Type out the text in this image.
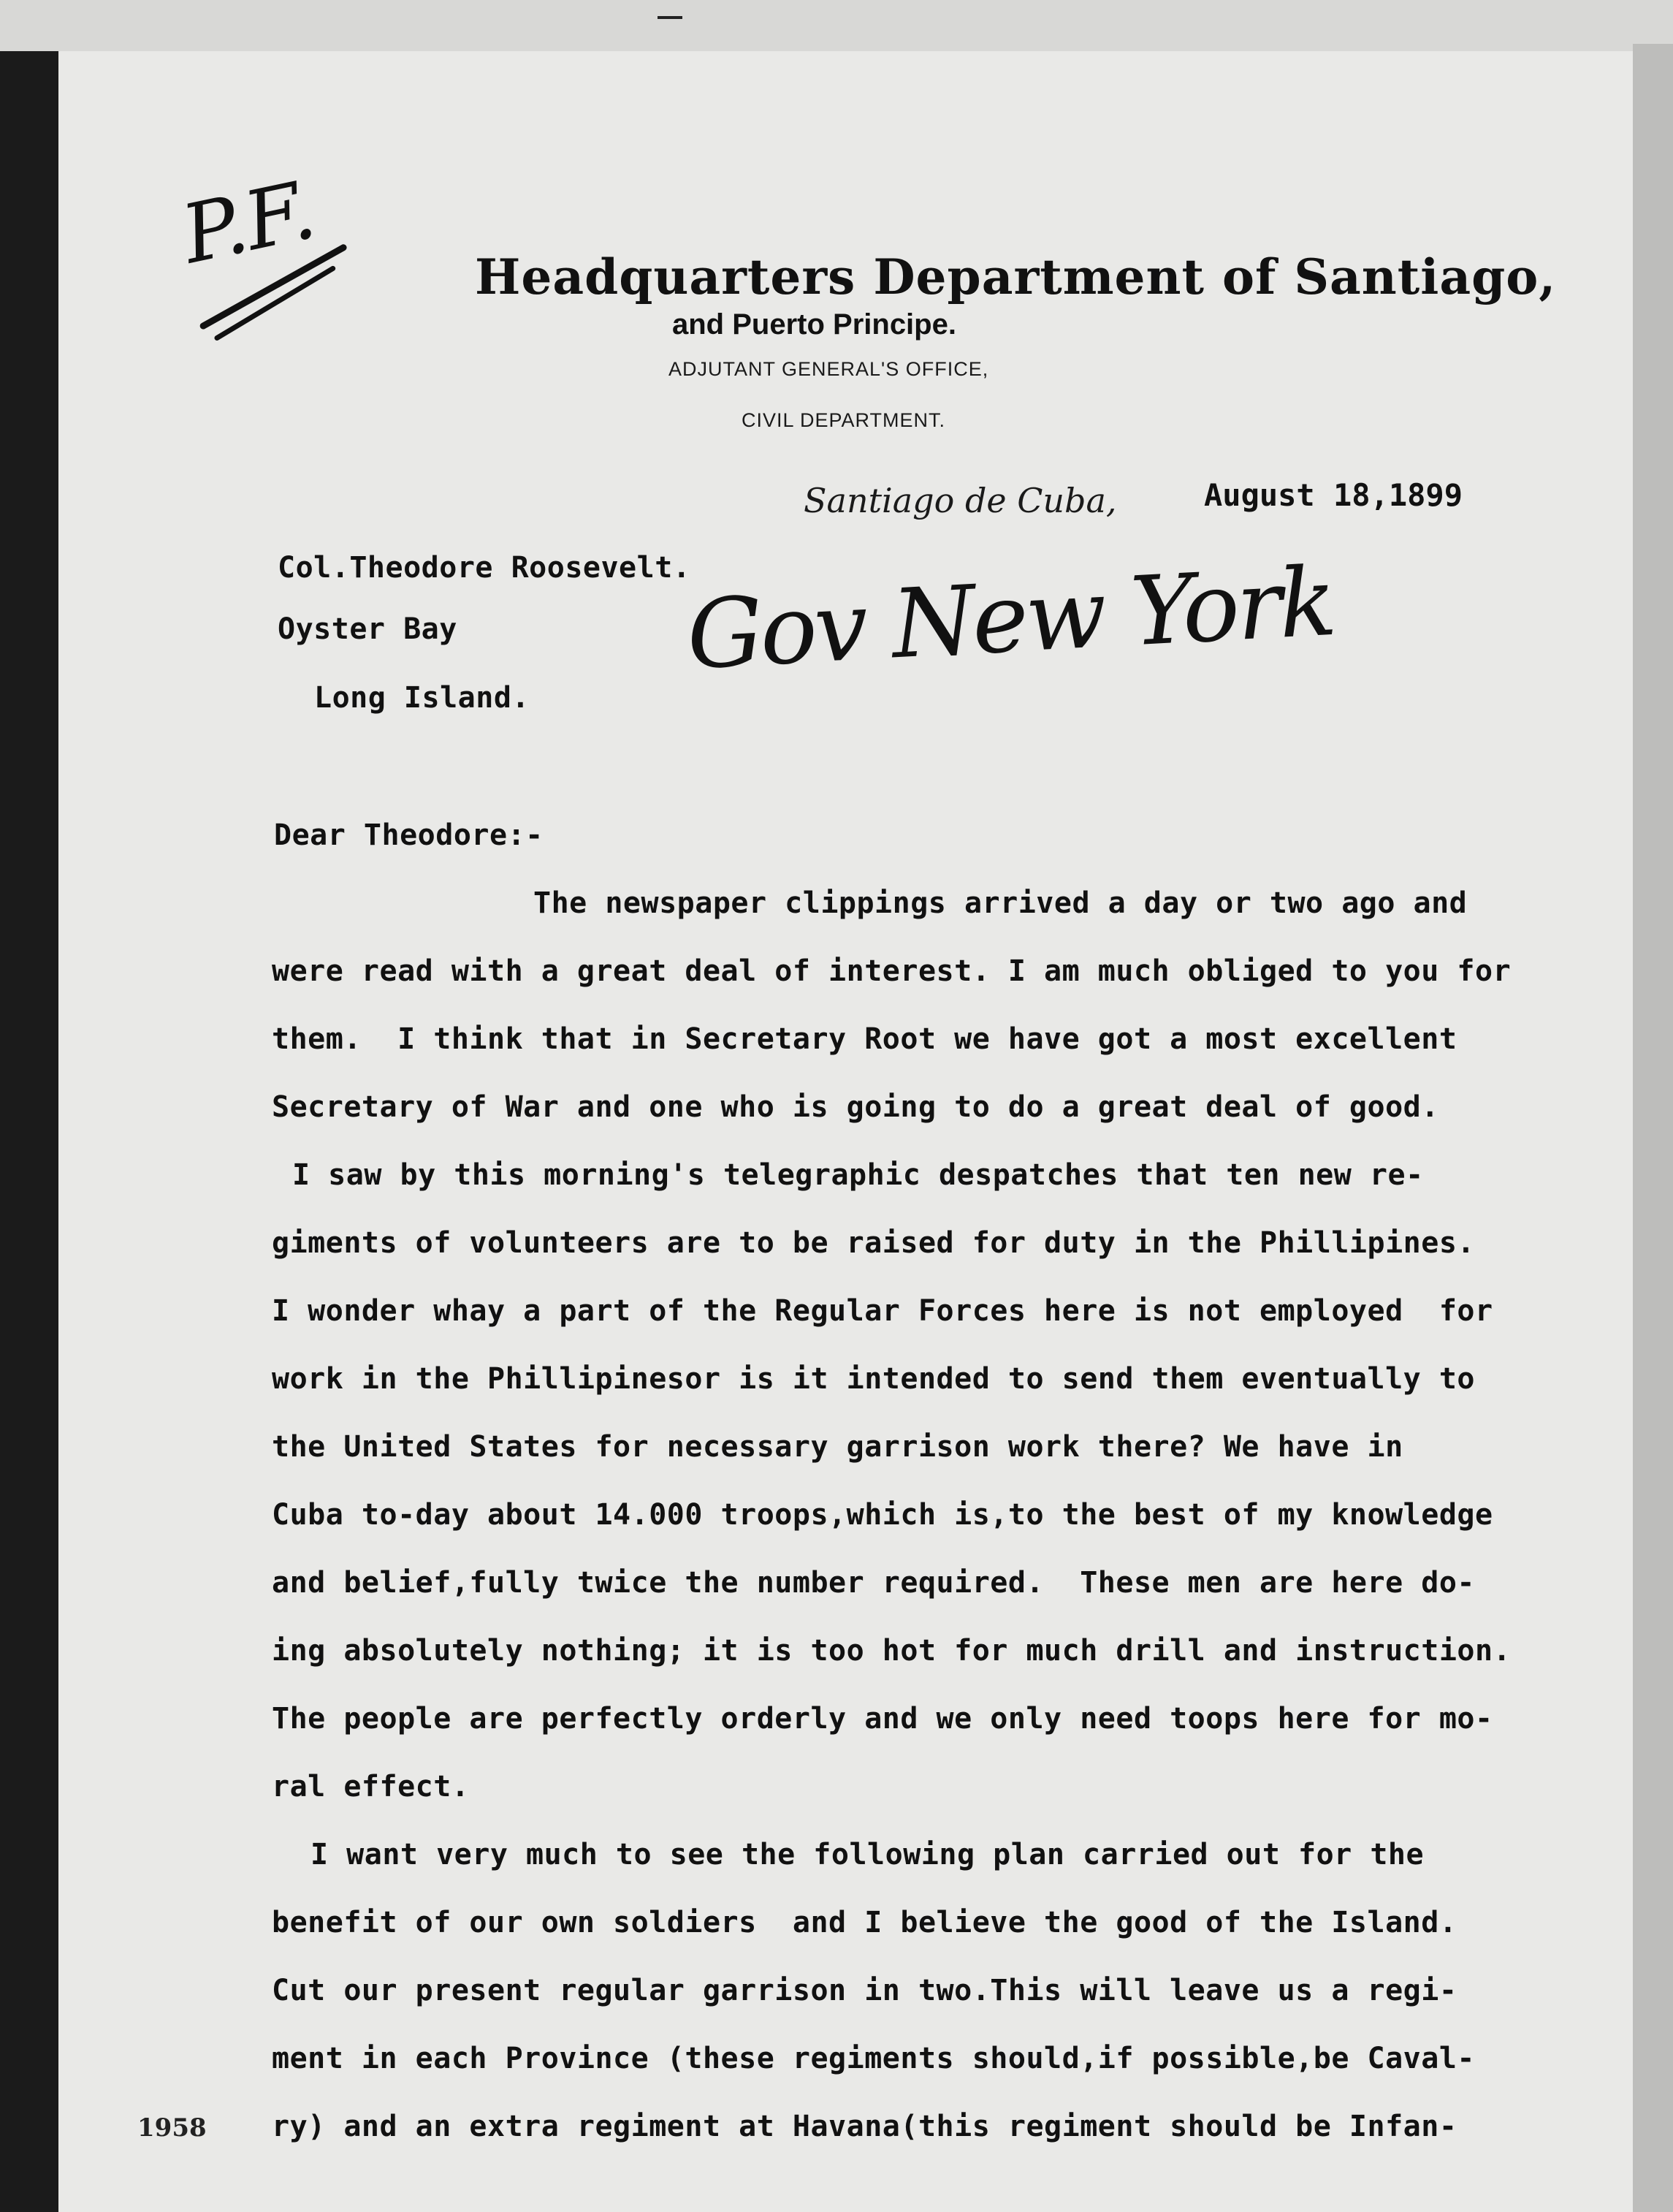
P.F.	Headquarters Department of Santiago,
and Puerto Principe.
ADJUTANT GENERAL'S OFFICE,
CIVIL DEPARTMENT.
Santiago de Cuba,	August 18,1899
Col.Theodore Roosevelt.
Oyster Bay
Long Island.
Gov New York
Dear Theodore:-
The newspaper clippings arrived a day or two ago and
were read with a great deal of interest. I am much obliged to you for
them.  I think that in Secretary Root we have got a most excellent
Secretary of War and one who is going to do a great deal of good.
I saw by this morning's telegraphic despatches that ten new re-
giments of volunteers are to be raised for duty in the Phillipines.
I wonder whay a part of the Regular Forces here is not employed  for
work in the Phillipinesor is it intended to send them eventually to
the United States for necessary garrison work there? We have in
Cuba to-day about 14.000 troops,which is,to the best of my knowledge
and belief,fully twice the number required.  These men are here do-
ing absolutely nothing; it is too hot for much drill and instruction.
The people are perfectly orderly and we only need toops here for mo-
ral effect.
I want very much to see the following plan carried out for the
benefit of our own soldiers  and I believe the good of the Island.
Cut our present regular garrison in two.This will leave us a regi-
ment in each Province (these regiments should,if possible,be Caval-
ry) and an extra regiment at Havana(this regiment should be Infan-
1958
